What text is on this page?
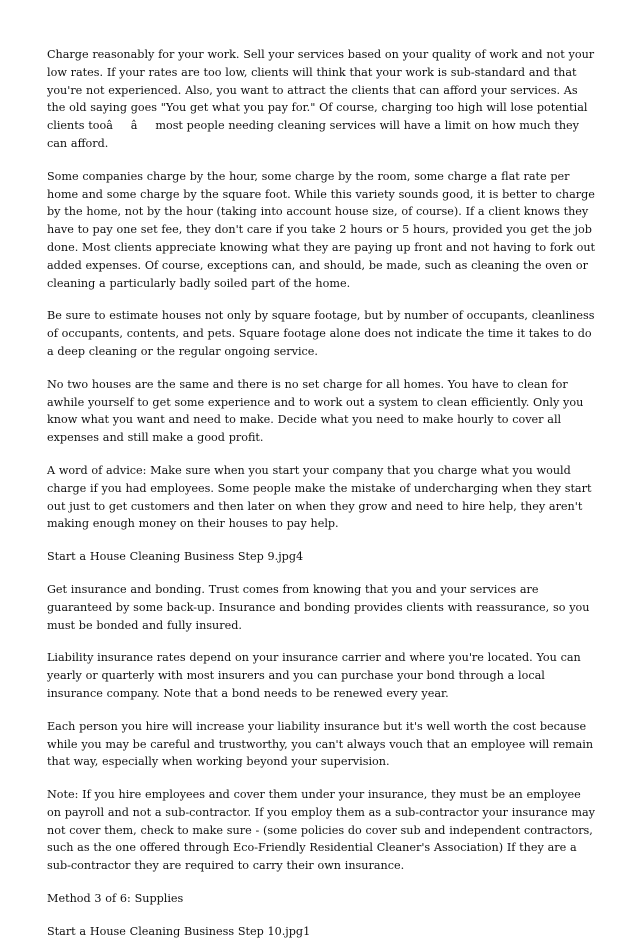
Charge reasonably for your work. Sell your services based on your quality of work and not your low rates. If your rates are too low, clients will think that your work is sub-standard and that you're not experienced. Also, you want to attract the clients that can afford your services. As the old saying goes "You get what you pay for." Of course, charging too high will lose potential clients tooââmost people needing cleaning services will have a limit on how much they can afford.

Some companies charge by the hour, some charge by the room, some charge a flat rate per home and some charge by the square foot. While this variety sounds good, it is better to charge by the home, not by the hour (taking into account house size, of course). If a client knows they have to pay one set fee, they don't care if you take 2 hours or 5 hours, provided you get the job done. Most clients appreciate knowing what they are paying up front and not having to fork out added expenses. Of course, exceptions can, and should, be made, such as cleaning the oven or cleaning a particularly badly soiled part of the home.

Be sure to estimate houses not only by square footage, but by number of occupants, cleanliness of occupants, contents, and pets. Square footage alone does not indicate the time it takes to do a deep cleaning or the regular ongoing service.

No two houses are the same and there is no set charge for all homes. You have to clean for awhile yourself to get some experience and to work out a system to clean efficiently. Only you know what you want and need to make. Decide what you need to make hourly to cover all expenses and still make a good profit.

A word of advice: Make sure when you start your company that you charge what you would charge if you had employees. Some people make the mistake of undercharging when they start out just to get customers and then later on when they grow and need to hire help, they aren't making enough money on their houses to pay help.

Start a House Cleaning Business Step 9.jpg4

Get insurance and bonding. Trust comes from knowing that you and your services are guaranteed by some back-up. Insurance and bonding provides clients with reassurance, so you must be bonded and fully insured.

Liability insurance rates depend on your insurance carrier and where you're located. You can yearly or quarterly with most insurers and you can purchase your bond through a local insurance company. Note that a bond needs to be renewed every year.

Each person you hire will increase your liability insurance but it's well worth the cost because while you may be careful and trustworthy, you can't always vouch that an employee will remain that way, especially when working beyond your supervision.

Note: If you hire employees and cover them under your insurance, they must be an employee on payroll and not a sub-contractor. If you employ them as a sub-contractor your insurance may not cover them, check to make sure - (some policies do cover sub and independent contractors, such as the one offered through Eco-Friendly Residential Cleaner's Association) If they are a sub-contractor they are required to carry their own insurance.

Method 3 of 6: Supplies

Start a House Cleaning Business Step 10.jpg1
